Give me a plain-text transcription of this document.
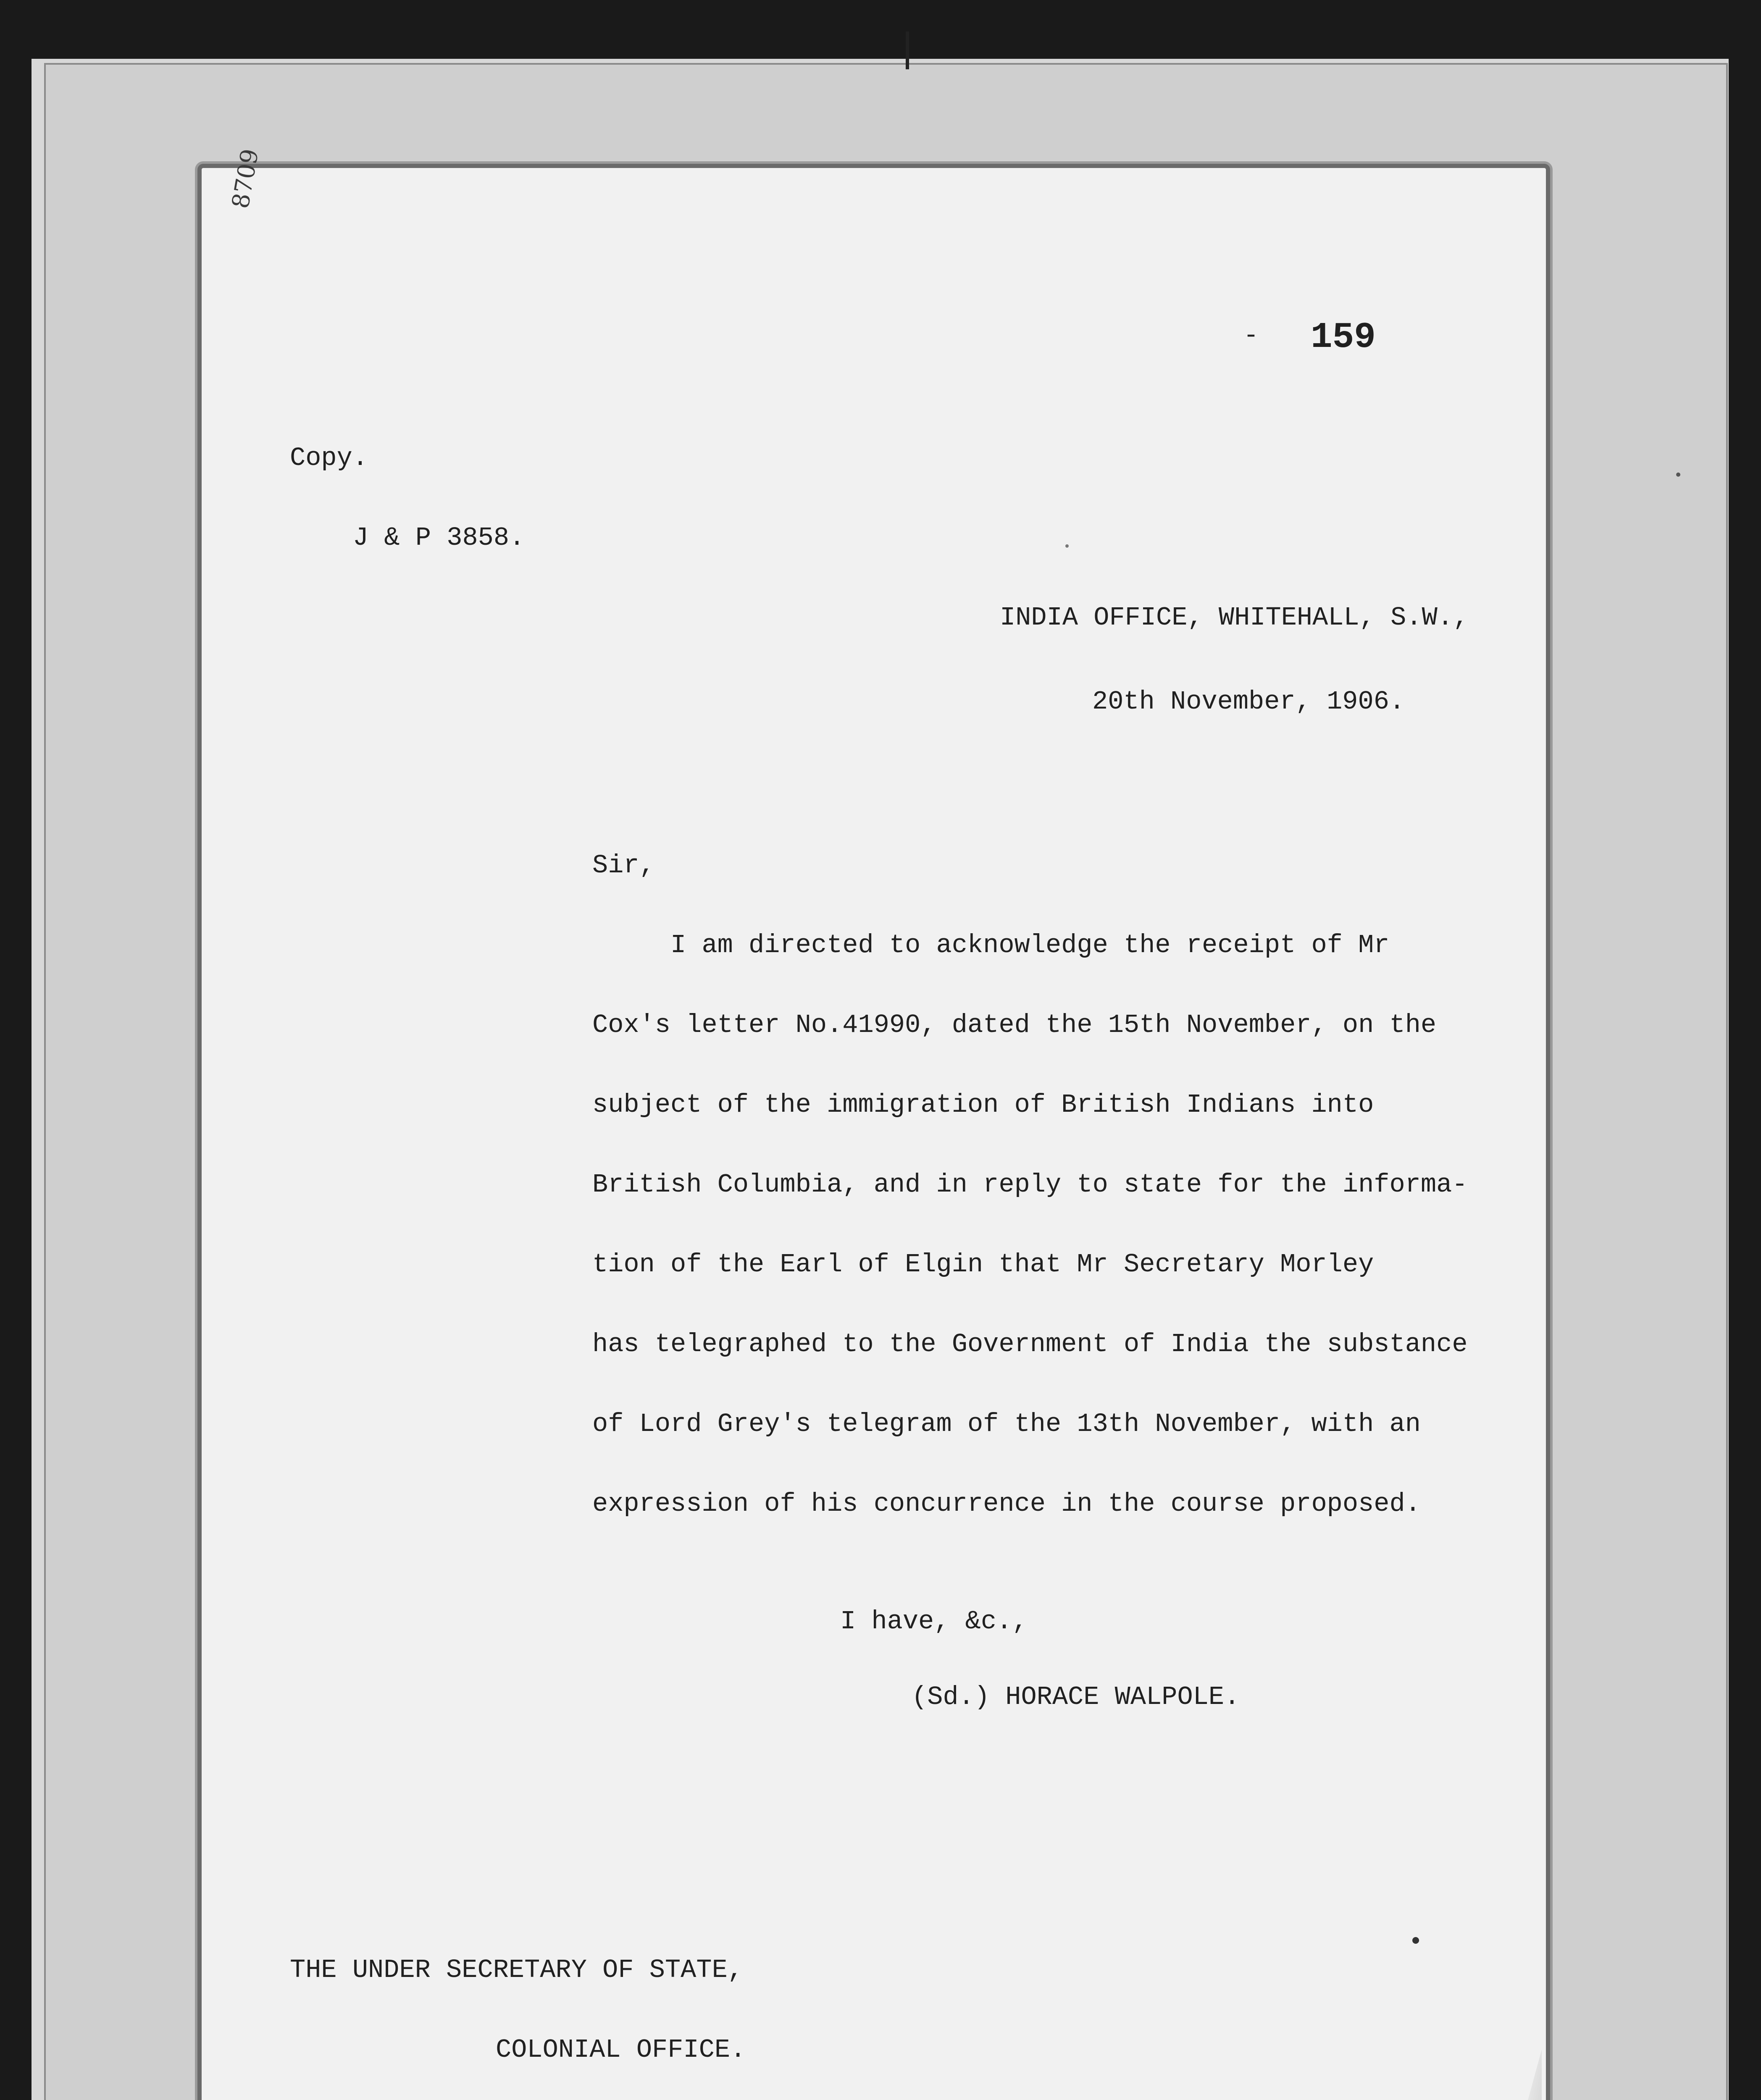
8709

- 159

Copy.

J & P 3858.

INDIA OFFICE, WHITEHALL, S.W.,

20th November, 1906.

Sir,

I am directed to acknowledge the receipt of Mr

Cox's letter No.41990, dated the 15th November, on the

subject of the immigration of British Indians into

British Columbia, and in reply to state for the informa-

tion of the Earl of Elgin that Mr Secretary Morley

has telegraphed to the Government of India the substance

of Lord Grey's telegram of the 13th November, with an

expression of his concurrence in the course proposed.

I have, &c.,

(Sd.) HORACE WALPOLE.

THE UNDER SECRETARY OF STATE,

COLONIAL OFFICE.
